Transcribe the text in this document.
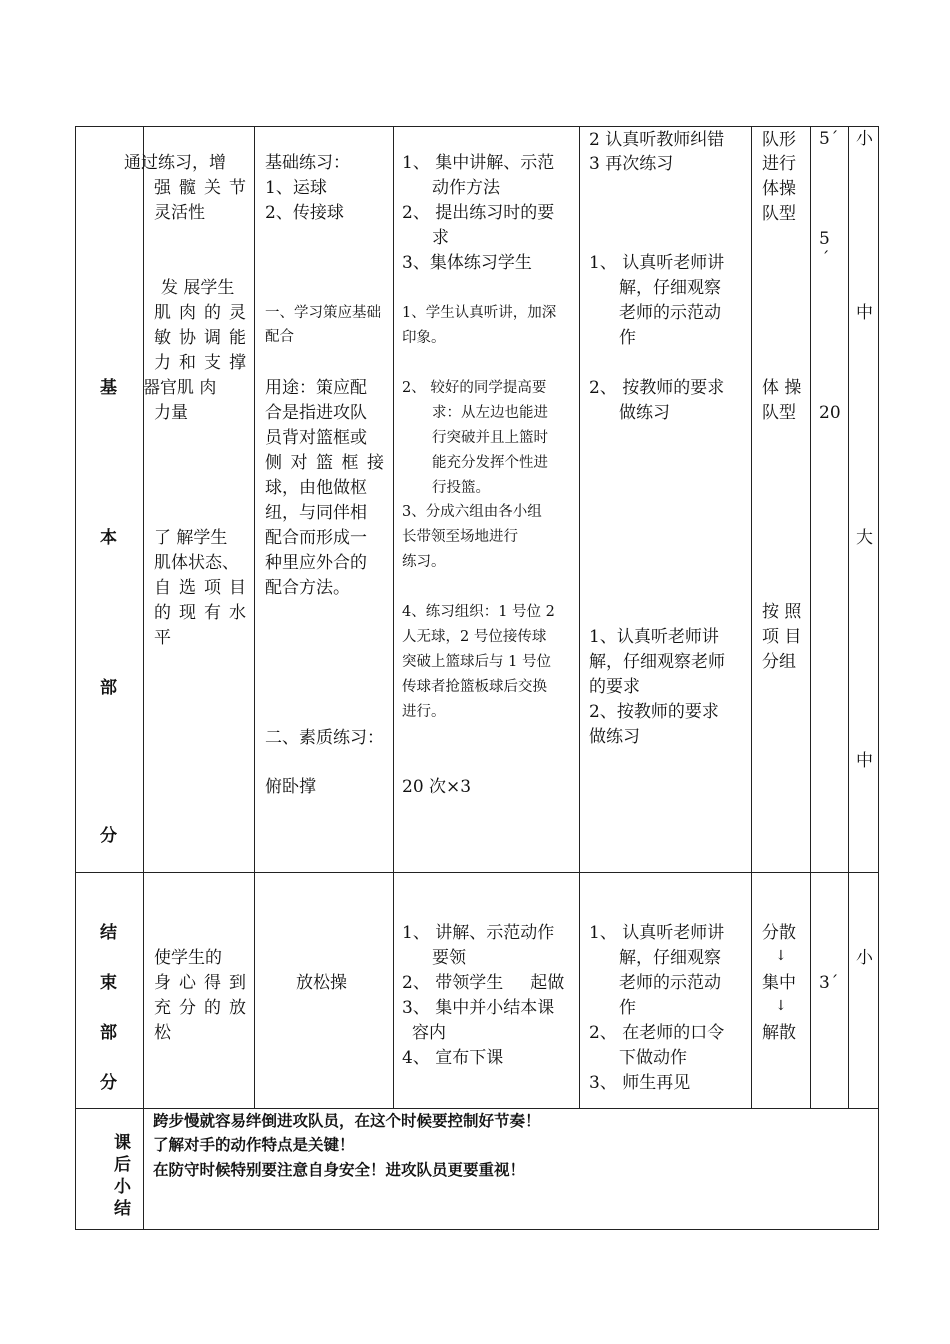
基
本
部
分
通过练习，增
强 髋 关 节
灵活性
发 展学生
肌 肉 的 灵
敏 协 调 能
力 和 支 撑
器官肌 肉
力量
了 解学生
肌体状态、
自 选 项 目
的 现 有 水
平
基础练习：
1、运球
2、传接球
一、学习策应基础配合
用途：策应配
合是指进攻队
员背对篮框或
侧 对 篮 框 接
球，由他做枢
纽，与同伴相
配合而形成一
种里应外合的
配合方法。
二、素质练习：
俯卧撑
1、 集中讲解、示范
动作方法
2、 提出练习时的要
求
3、集体练习学生
1、学生认真听讲，加深
印象。
2、 较好的同学提高要
求：从左边也能进
行突破并且上篮时
能充分发挥个性进
行投篮。
3、分成六组由各小组
长带领至场地进行
练习。
4、练习组织：1 号位 2
人无球，2 号位接传球
突破上篮球后与 1 号位
传球者抢篮板球后交换
进行。
20 次×3
2 认真听教师纠错
3 再次练习
1、 认真听老师讲
解，仔细观察
老师的示范动
作
2、 按教师的要求
做练习
1、认真听老师讲
解，仔细观察老师
的要求
2、按教师的要求
做练习
队形
进行
体操
队型
体 操
队型
按 照
项 目
分组
5´
5
´
20
小
中
大
中
结
束
部
分
使学生的
身 心 得 到
充 分 的 放
松
放松操
1、 讲解、示范动作
要领
2、 带领学生     起做
3、 集中并小结本课
容内
4、 宣布下课
1、 认真听老师讲
解，仔细观察
老师的示范动
作
2、 在老师的口令
下做动作
3、 师生再见
分散
↓
集中
↓
解散
3´
小
课
后
小
结
跨步慢就容易绊倒进攻队员，在这个时候要控制好节奏！
了解对手的动作特点是关键！
在防守时候特别要注意自身安全！进攻队员更要重视！
